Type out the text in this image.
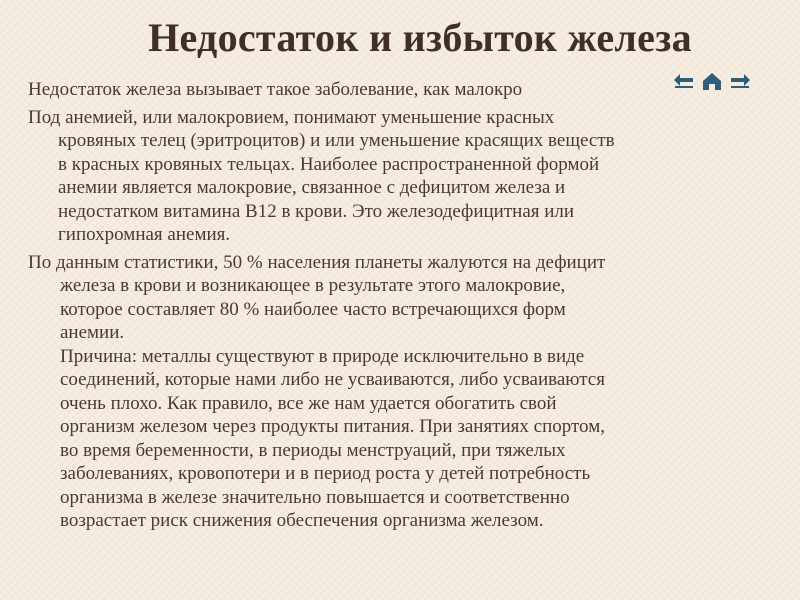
Недостаток и избыток железа

Недостаток железа вызывает такое заболевание, как малокро

Под анемией, или малокровием, понимают уменьшение красных
кровяных телец (эритроцитов) и или уменьшение красящих веществ
в красных кровяных тельцах. Наиболее распространенной формой
анемии является малокровие, связанное с дефицитом железа и
недостатком витамина В12 в крови. Это железодефицитная или
гипохромная анемия.

По данным статистики, 50 % населения планеты жалуются на дефицит
железа в крови и возникающее в результате этого малокровие,
которое составляет 80 % наиболее часто встречающихся форм
анемии.
Причина: металлы существуют в природе исключительно в виде
соединений, которые нами либо не усваиваются, либо усваиваются
очень плохо. Как правило, все же нам удается обогатить свой
организм железом через продукты питания. При занятиях спортом,
во время беременности, в периоды менструаций, при тяжелых
заболеваниях, кровопотери и в период роста у детей потребность
организма в железе значительно повышается и соответственно
возрастает риск снижения обеспечения организма железом.
